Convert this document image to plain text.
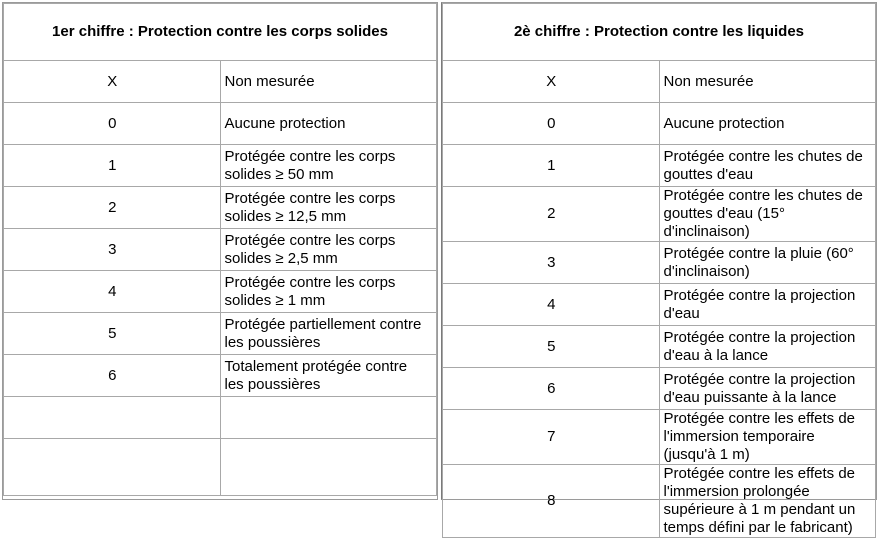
1er chiffre : Protection contre les corps solides	
X	Non mesurée
0	Aucune protection
1	Protégée contre les corps solides ≥ 50 mm
2	Protégée contre les corps solides ≥ 12,5 mm
3	Protégée contre les corps solides ≥ 2,5 mm
4	Protégée contre les corps solides ≥ 1 mm
5	Protégée partiellement contre les poussières
6	Totalement protégée contre les poussières

2è chiffre : Protection contre les liquides	
X	Non mesurée
0	Aucune protection
1	Protégée contre les chutes de gouttes d'eau
2	Protégée contre les chutes de gouttes d'eau (15° d'inclinaison)
3	Protégée contre la pluie (60° d'inclinaison)
4	Protégée contre la projection d'eau
5	Protégée contre la projection d'eau à la lance
6	Protégée contre la projection d'eau puissante à la lance
7	Protégée contre les effets de l'immersion temporaire (jusqu'à 1 m)
8	Protégée contre les effets de l'immersion prolongée supérieure à 1 m pendant un temps défini par le fabricant)
